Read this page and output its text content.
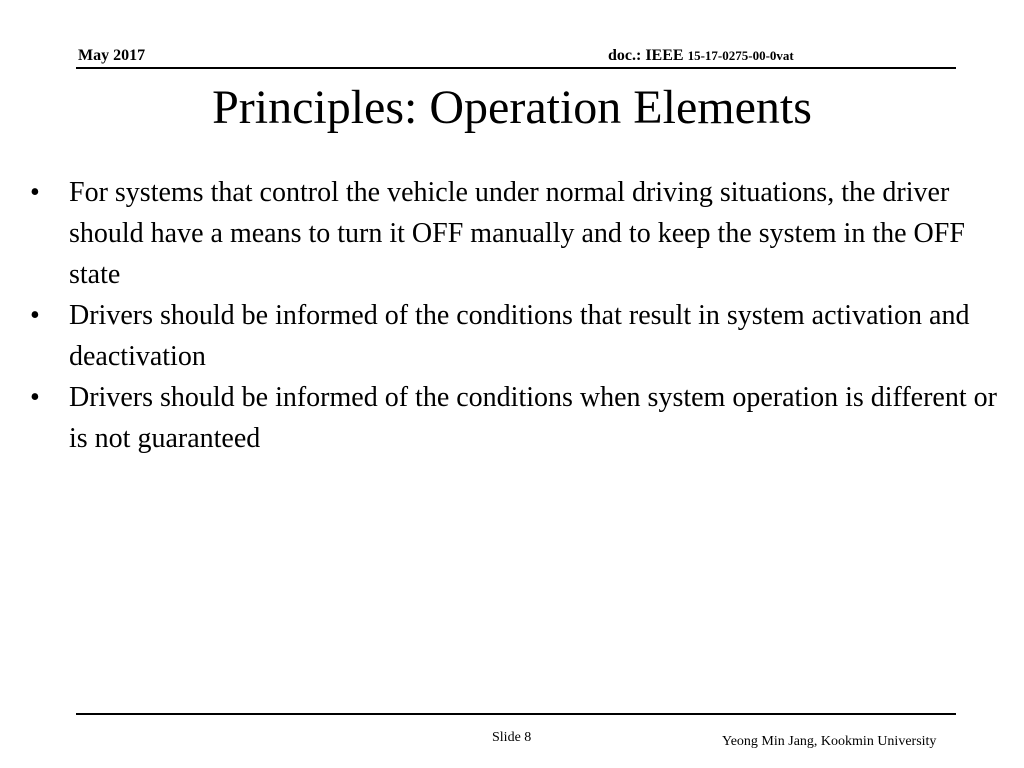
May 2017	doc.: IEEE 15-17-0275-00-0vat
Principles: Operation Elements
• For systems that control the vehicle under normal driving situations, the driver should have a means to turn it OFF manually and to keep the system in the OFF state
• Drivers should be informed of the conditions that result in system activation and deactivation
• Drivers should be informed of the conditions when system operation is different or is not guaranteed
Slide 8	Yeong Min Jang, Kookmin University
